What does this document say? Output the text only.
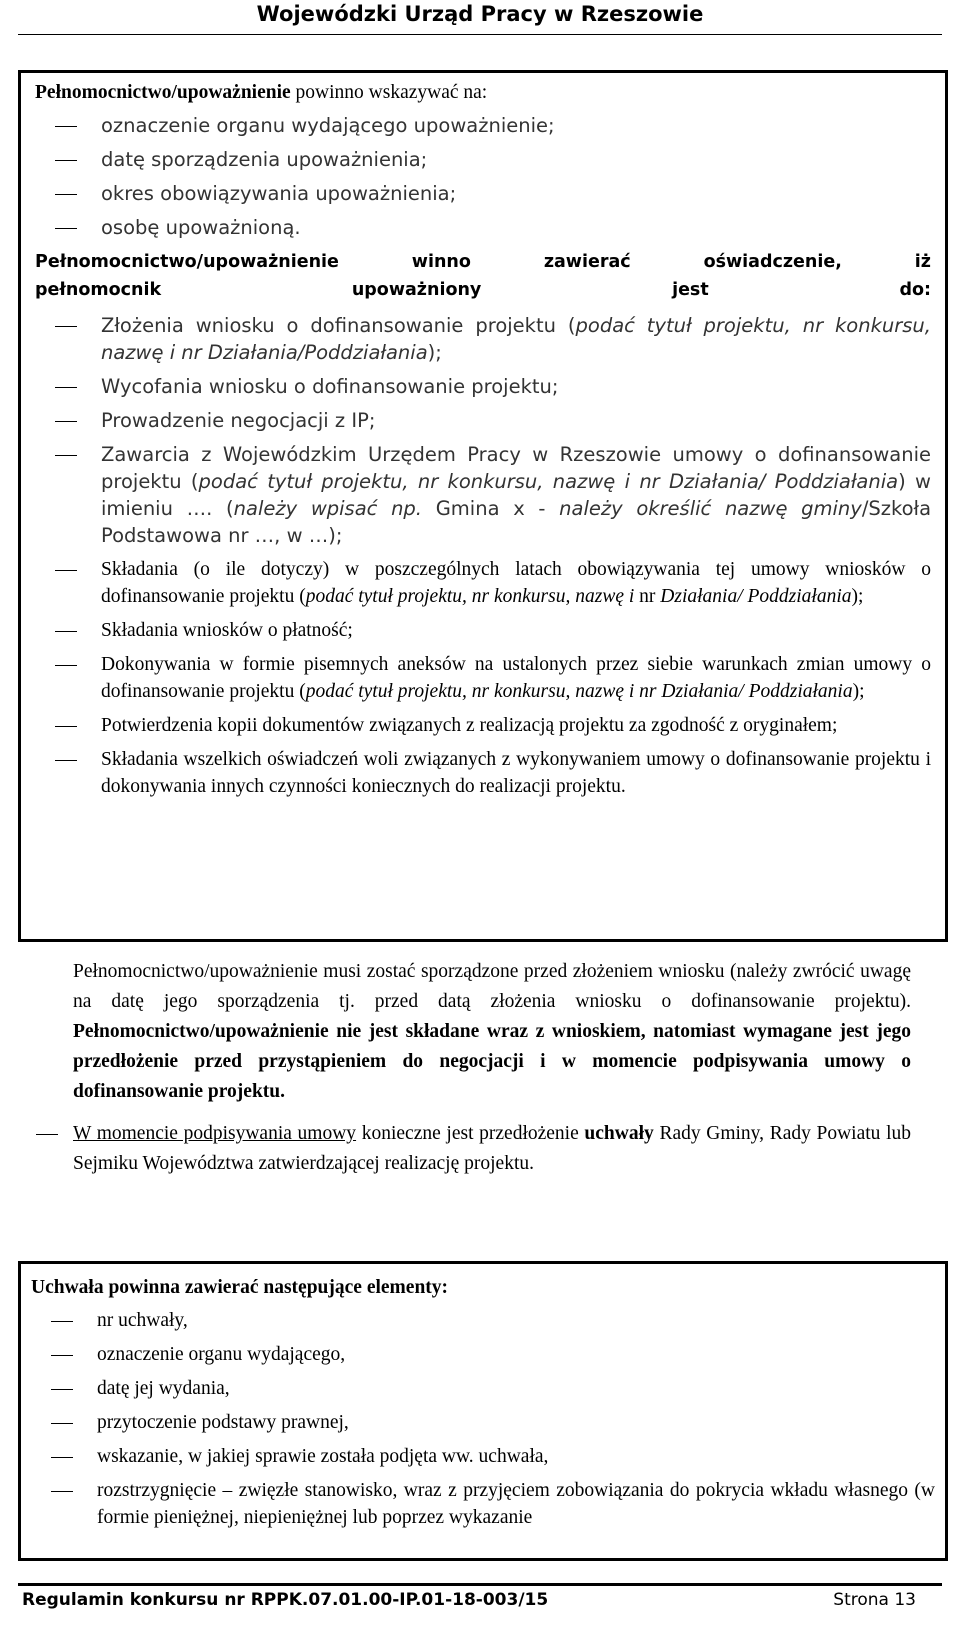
Wojewódzki Urząd Pracy w Rzeszowie

Pełnomocnictwo/upoważnienie powinno wskazywać na:

oznaczenie organu wydającego upoważnienie;
datę sporządzenia upoważnienia;
okres obowiązywania upoważnienia;
osobę upoważnioną.

Pełnomocnictwo/upoważnienie winno zawierać oświadczenie, iż pełnomocnik upoważniony jest do:

Złożenia wniosku o dofinansowanie projektu (podać tytuł projektu, nr konkursu, nazwę i nr Działania/Poddziałania);
Wycofania wniosku o dofinansowanie projektu;
Prowadzenie negocjacji z IP;
Zawarcia z Wojewódzkim Urzędem Pracy w Rzeszowie umowy o dofinansowanie projektu (podać tytuł projektu, nr konkursu, nazwę i nr Działania/ Poddziałania) w imieniu …. (należy wpisać np. Gmina x - należy określić nazwę gminy/Szkoła Podstawowa nr …, w …);
Składania (o ile dotyczy) w poszczególnych latach obowiązywania tej umowy wniosków o dofinansowanie projektu (podać tytuł projektu, nr konkursu, nazwę i nr Działania/ Poddziałania);
Składania wniosków o płatność;
Dokonywania w formie pisemnych aneksów na ustalonych przez siebie warunkach zmian umowy o dofinansowanie projektu (podać tytuł projektu, nr konkursu, nazwę i nr Działania/ Poddziałania);
Potwierdzenia kopii dokumentów związanych z realizacją projektu za zgodność z oryginałem;
Składania wszelkich oświadczeń woli związanych z wykonywaniem umowy o dofinansowanie projektu i dokonywania innych czynności koniecznych do realizacji projektu.
Pełnomocnictwo/upoważnienie musi zostać sporządzone przed złożeniem wniosku (należy zwrócić uwagę na datę jego sporządzenia tj. przed datą złożenia wniosku o dofinansowanie projektu). Pełnomocnictwo/upoważnienie nie jest składane wraz z wnioskiem, natomiast wymagane jest jego przedłożenie przed przystąpieniem do negocjacji i w momencie podpisywania umowy o dofinansowanie projektu.
W momencie podpisywania umowy konieczne jest przedłożenie uchwały Rady Gminy, Rady Powiatu lub Sejmiku Województwa zatwierdzającej realizację projektu.

Uchwała powinna zawierać następujące elementy:

nr uchwały,
oznaczenie organu wydającego,
datę jej wydania,
przytoczenie podstawy prawnej,
wskazanie, w jakiej sprawie została podjęta ww. uchwała,
rozstrzygnięcie – zwięzłe stanowisko, wraz z przyjęciem zobowiązania do pokrycia wkładu własnego (w formie pieniężnej, niepieniężnej lub poprzez wykazanie
Regulamin konkursu nr RPPK.07.01.00-IP.01-18-003/15	Strona 13
